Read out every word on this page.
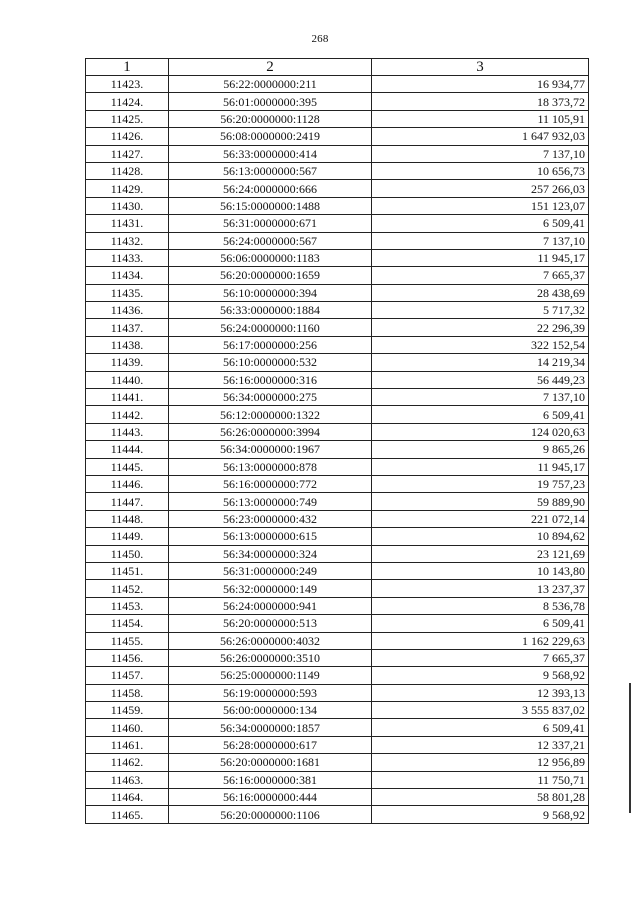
268
1	2	3
11423.	56:22:0000000:211	16 934,77
11424.	56:01:0000000:395	18 373,72
11425.	56:20:0000000:1128	11 105,91
11426.	56:08:0000000:2419	1 647 932,03
11427.	56:33:0000000:414	7 137,10
11428.	56:13:0000000:567	10 656,73
11429.	56:24:0000000:666	257 266,03
11430.	56:15:0000000:1488	151 123,07
11431.	56:31:0000000:671	6 509,41
11432.	56:24:0000000:567	7 137,10
11433.	56:06:0000000:1183	11 945,17
11434.	56:20:0000000:1659	7 665,37
11435.	56:10:0000000:394	28 438,69
11436.	56:33:0000000:1884	5 717,32
11437.	56:24:0000000:1160	22 296,39
11438.	56:17:0000000:256	322 152,54
11439.	56:10:0000000:532	14 219,34
11440.	56:16:0000000:316	56 449,23
11441.	56:34:0000000:275	7 137,10
11442.	56:12:0000000:1322	6 509,41
11443.	56:26:0000000:3994	124 020,63
11444.	56:34:0000000:1967	9 865,26
11445.	56:13:0000000:878	11 945,17
11446.	56:16:0000000:772	19 757,23
11447.	56:13:0000000:749	59 889,90
11448.	56:23:0000000:432	221 072,14
11449.	56:13:0000000:615	10 894,62
11450.	56:34:0000000:324	23 121,69
11451.	56:31:0000000:249	10 143,80
11452.	56:32:0000000:149	13 237,37
11453.	56:24:0000000:941	8 536,78
11454.	56:20:0000000:513	6 509,41
11455.	56:26:0000000:4032	1 162 229,63
11456.	56:26:0000000:3510	7 665,37
11457.	56:25:0000000:1149	9 568,92
11458.	56:19:0000000:593	12 393,13
11459.	56:00:0000000:134	3 555 837,02
11460.	56:34:0000000:1857	6 509,41
11461.	56:28:0000000:617	12 337,21
11462.	56:20:0000000:1681	12 956,89
11463.	56:16:0000000:381	11 750,71
11464.	56:16:0000000:444	58 801,28
11465.	56:20:0000000:1106	9 568,92
